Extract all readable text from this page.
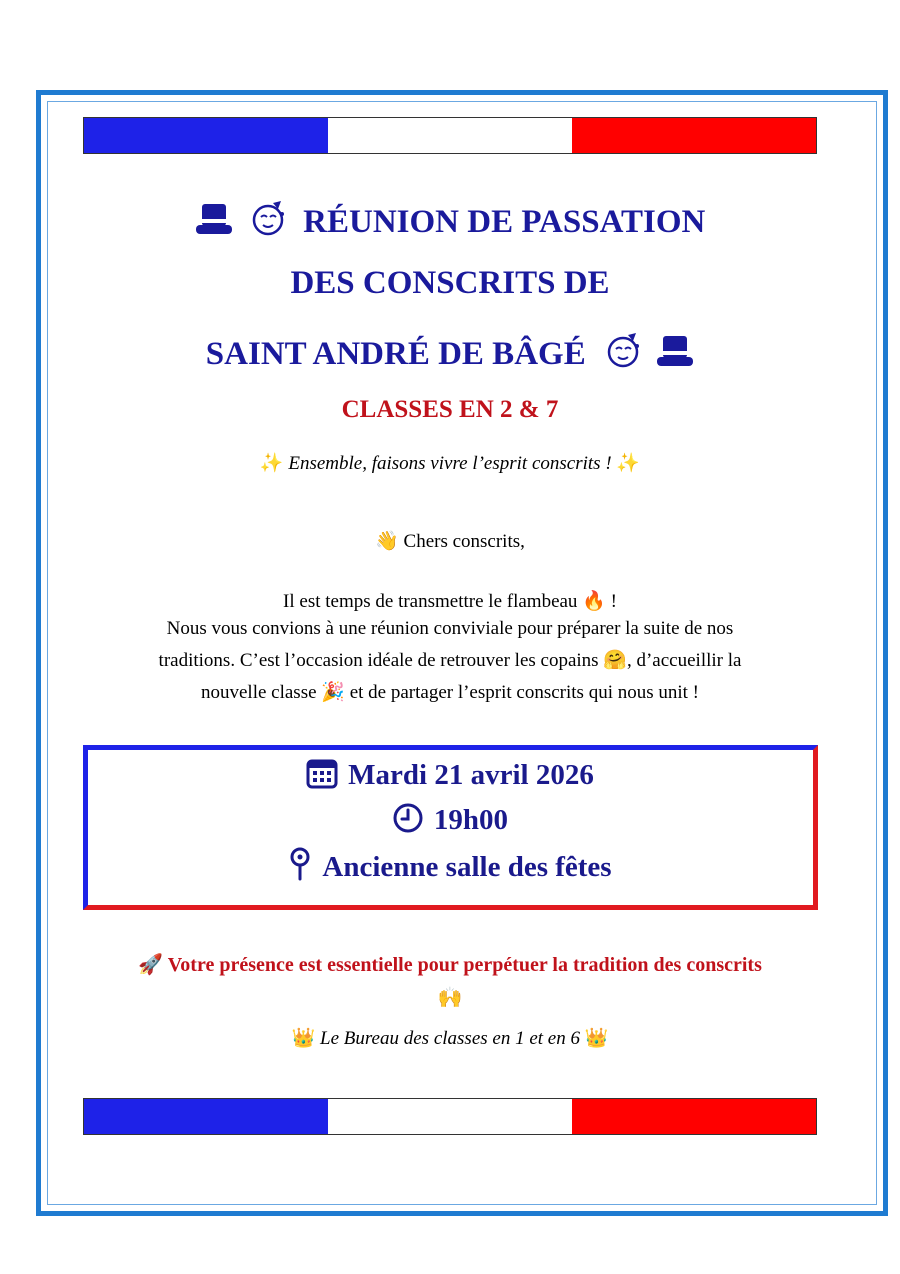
RÉUNION DE PASSATION
DES CONSCRITS DE
SAINT ANDRÉ DE BÂGÉ
CLASSES EN 2 & 7
✨ Ensemble, faisons vivre l’esprit conscrits ! ✨
👋 Chers conscrits,
Il est temps de transmettre le flambeau 🔥 !
Nous vous convions à une réunion conviviale pour préparer la suite de nos
traditions. C’est l’occasion idéale de retrouver les copains 🤗, d’accueillir la
nouvelle classe 🎉 et de partager l’esprit conscrits qui nous unit !
Mardi 21 avril 2026
19h00
Ancienne salle des fêtes
🚀 Votre présence est essentielle pour perpétuer la tradition des conscrits
🙌
👑 Le Bureau des classes en 1 et en 6 👑
